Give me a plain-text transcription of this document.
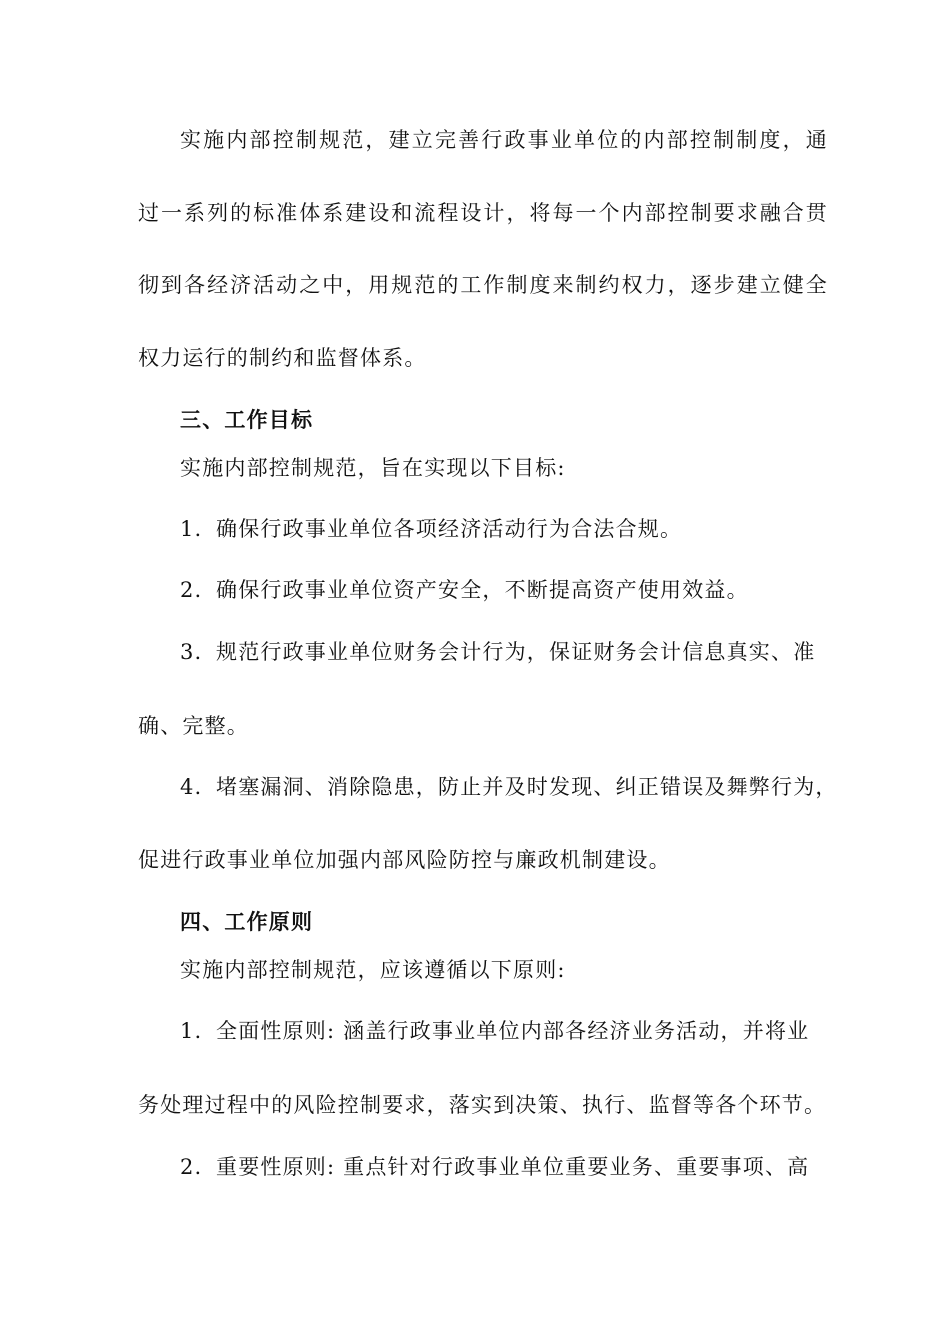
实施内部控制规范，建立完善行政事业单位的内部控制制度，通
过一系列的标准体系建设和流程设计，将每一个内部控制要求融合贯
彻到各经济活动之中，用规范的工作制度来制约权力，逐步建立健全
权力运行的制约和监督体系。
三、工作目标
实施内部控制规范，旨在实现以下目标:
1. 确保行政事业单位各项经济活动行为合法合规。
2. 确保行政事业单位资产安全，不断提高资产使用效益。
3. 规范行政事业单位财务会计行为，保证财务会计信息真实、准
确、完整。
4. 堵塞漏洞、消除隐患，防止并及时发现、纠正错误及舞弊行为，
促进行政事业单位加强内部风险防控与廉政机制建设。
四、工作原则
实施内部控制规范，应该遵循以下原则:
1. 全面性原则: 涵盖行政事业单位内部各经济业务活动，并将业
务处理过程中的风险控制要求，落实到决策、执行、监督等各个环节。
2. 重要性原则: 重点针对行政事业单位重要业务、重要事项、高
